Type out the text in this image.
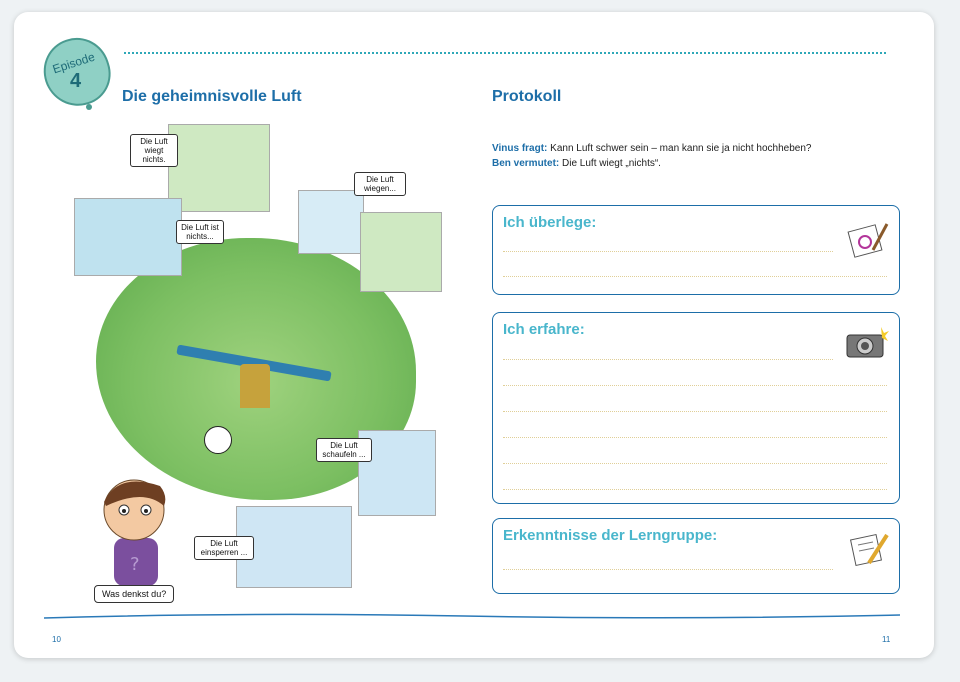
Episode
4
Die geheimnisvolle Luft	Protokoll
Vinus fragt: Kann Luft schwer sein – man kann sie ja nicht hochheben?
Ben vermutet: Die Luft wiegt „nichts“.
Ich überlege:
Ich erfahre:
Erkenntnisse der Lerngruppe:
Die Luft wiegt nichts.
Die Luft ist nichts...
Die Luft wiegen...
Die Luft schaufeln ...
Die Luft einsperren ...
?
Was denkst du?
10	11
